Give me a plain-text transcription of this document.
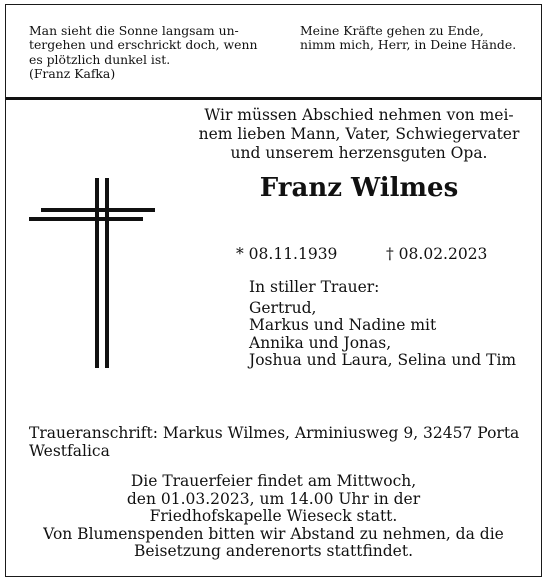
Man sieht die Sonne langsam un-
tergehen und erschrickt doch, wenn
es plötzlich dunkel ist.
(Franz Kafka)
Meine Kräfte gehen zu Ende,
nimm mich, Herr, in Deine Hände.
Wir müssen Abschied nehmen von mei-
nem lieben Mann, Vater, Schwiegervater
und unserem herzensguten Opa.
Franz Wilmes
* 08.11.1939	† 08.02.2023
In stiller Trauer:
Gertrud,
Markus und Nadine mit
Annika und Jonas,
Joshua und Laura, Selina und Tim
Traueranschrift: Markus Wilmes, Arminiusweg 9, 32457 Porta
Westfalica
Die Trauerfeier findet am Mittwoch,
den 01.03.2023, um 14.00 Uhr in der
Friedhofskapelle Wieseck statt.
Von Blumenspenden bitten wir Abstand zu nehmen, da die
Beisetzung anderenorts stattfindet.
